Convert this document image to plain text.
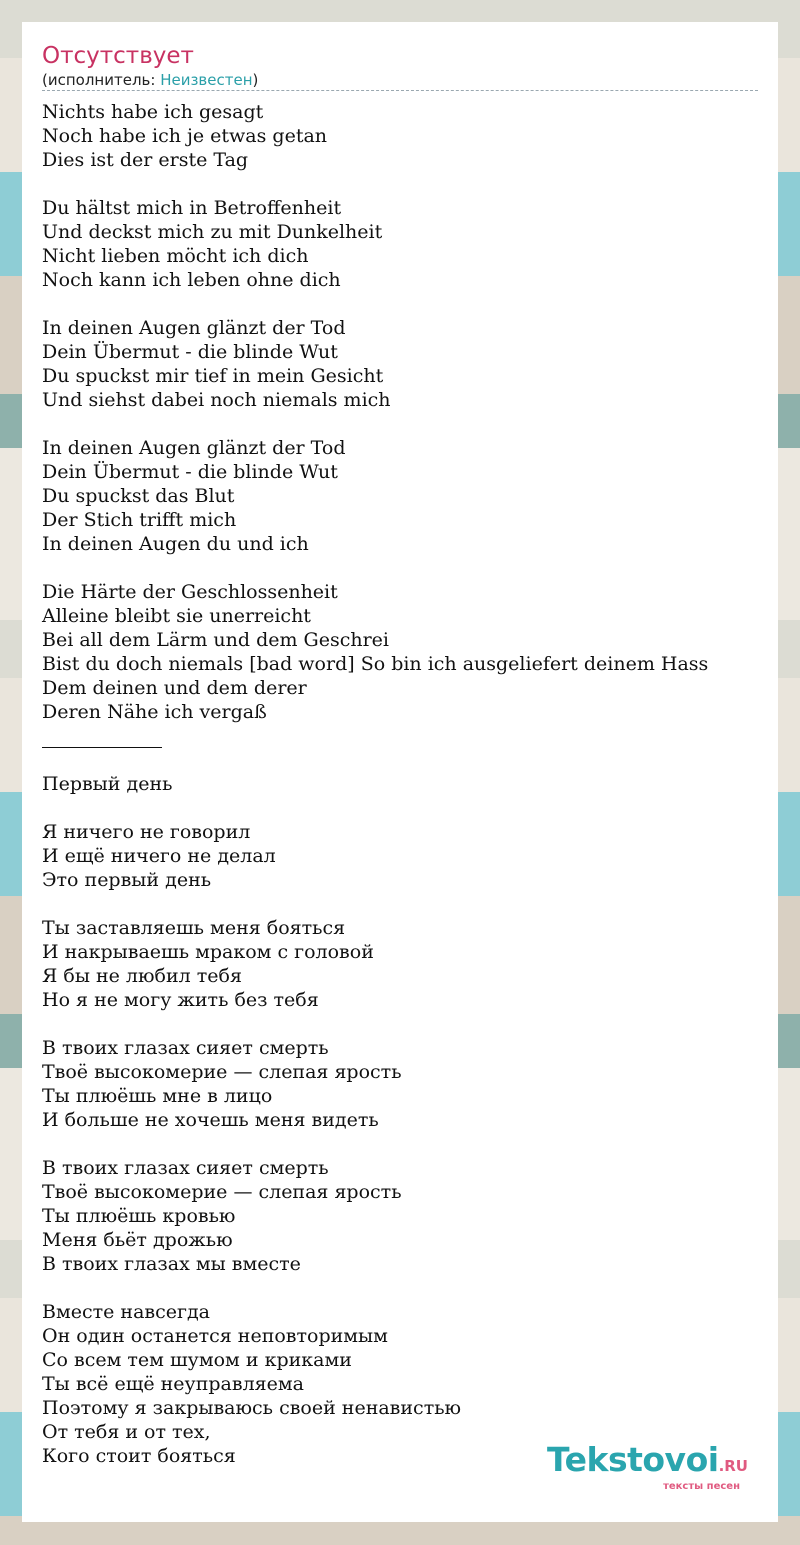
Отсутствует
(исполнитель: Неизвестен)
Nichts habe ich gesagt
Noch habe ich je etwas getan
Dies ist der erste Tag
Du hältst mich in Betroffenheit
Und deckst mich zu mit Dunkelheit
Nicht lieben möcht ich dich
Noch kann ich leben ohne dich
In deinen Augen glänzt der Tod
Dein Übermut - die blinde Wut
Du spuckst mir tief in mein Gesicht
Und siehst dabei noch niemals mich
In deinen Augen glänzt der Tod
Dein Übermut - die blinde Wut
Du spuckst das Blut
Der Stich trifft mich
In deinen Augen du und ich
Die Härte der Geschlossenheit
Alleine bleibt sie unerreicht
Bei all dem Lärm und dem Geschrei
Bist du doch niemals [bad word] So bin ich ausgeliefert deinem Hass
Dem deinen und dem derer
Deren Nähe ich vergaß
Первый день
Я ничего не говорил
И ещё ничего не делал
Это первый день
Ты заставляешь меня бояться
И накрываешь мраком с головой
Я бы не любил тебя
Но я не могу жить без тебя
В твоих глазах сияет смерть
Твоё высокомерие — слепая ярость
Ты плюёшь мне в лицо
И больше не хочешь меня видеть
В твоих глазах сияет смерть
Твоё высокомерие — слепая ярость
Ты плюёшь кровью
Меня бьёт дрожью
В твоих глазах мы вместе
Вместе навсегда
Он один останется неповторимым
Со всем тем шумом и криками
Ты всё ещё неуправляема
Поэтому я закрываюсь своей ненавистью
От тебя и от тех,
Кого стоит бояться	Tekstovoi.RU
тексты песен
